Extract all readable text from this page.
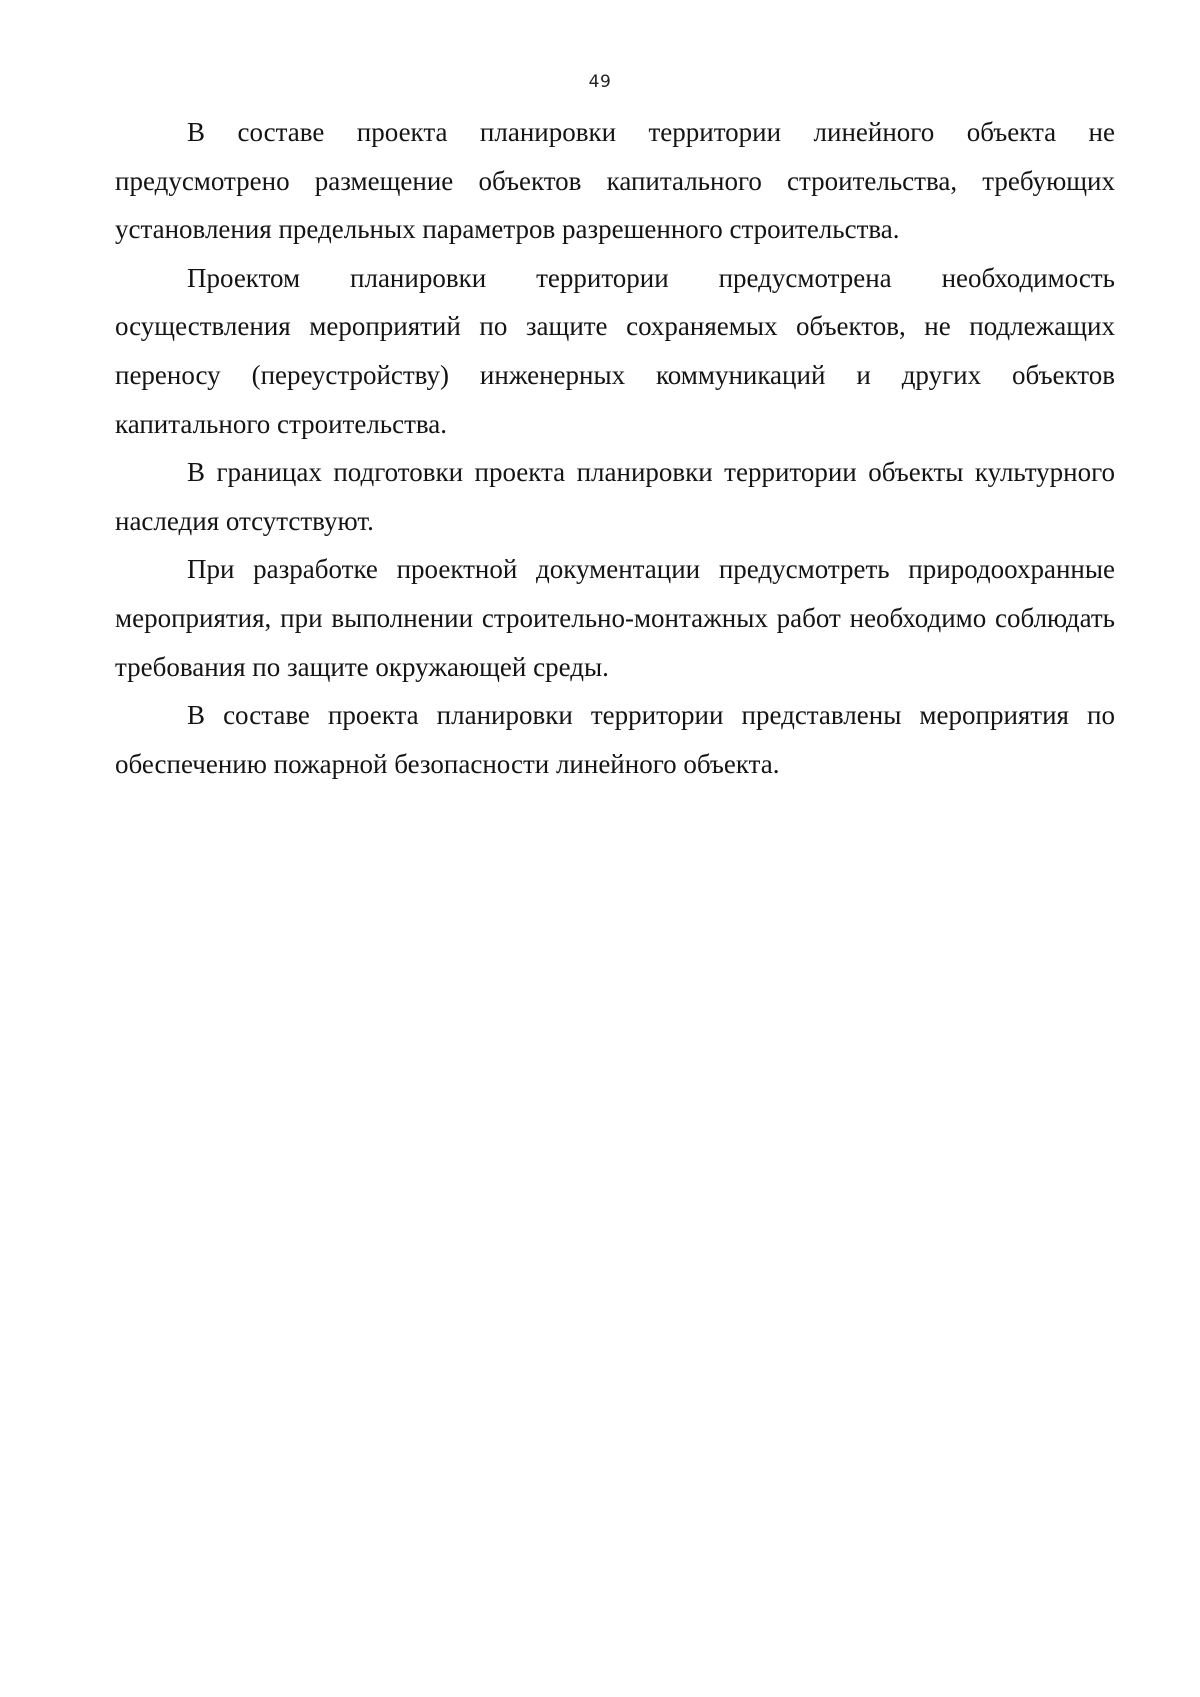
49

В составе проекта планировки территории линейного объекта не предусмотрено размещение объектов капитального строительства, требующих установления предельных параметров разрешенного строительства.

Проектом планировки территории предусмотрена необходимость осуществления мероприятий по защите сохраняемых объектов, не подлежащих переносу (переустройству) инженерных коммуникаций и других объектов капитального строительства.

В границах подготовки проекта планировки территории объекты культурного наследия отсутствуют.

При разработке проектной документации предусмотреть природоохранные мероприятия, при выполнении строительно-монтажных работ необходимо соблюдать требования по защите окружающей среды.

В составе проекта планировки территории представлены мероприятия по обеспечению пожарной безопасности линейного объекта.
